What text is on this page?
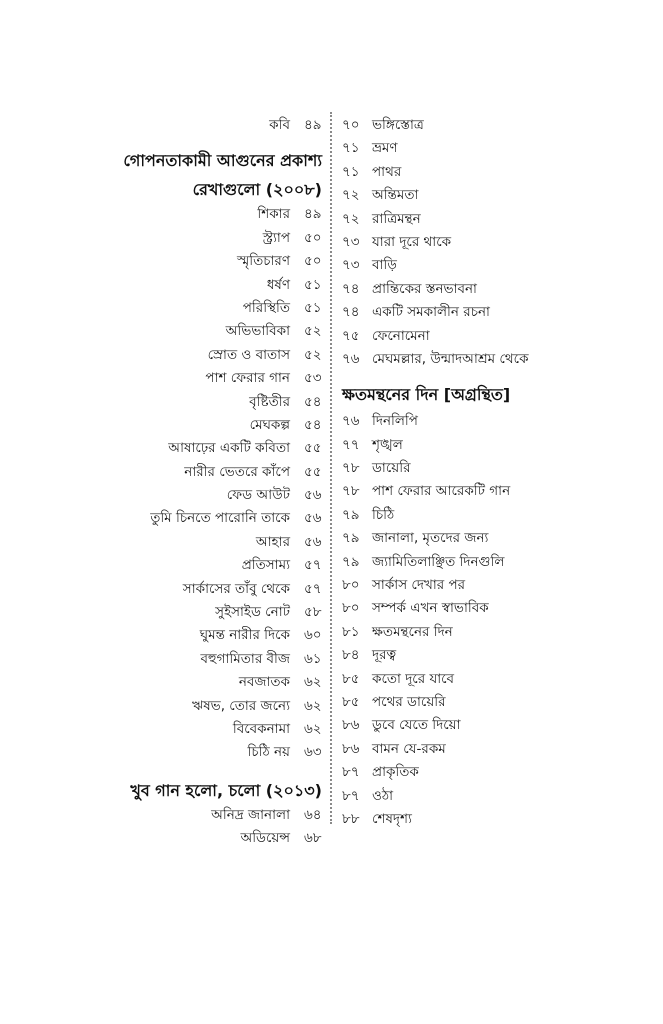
কবি ৪৯
গোপনতাকামী আগুনের প্রকাশ্য
রেখাগুলো (২০০৮)
শিকার ৪৯
স্ট্র্যাপ ৫০
স্মৃতিচারণ ৫০
ধর্ষণ ৫১
পরিস্থিতি ৫১
অভিভাবিকা ৫২
স্রোত ও বাতাস ৫২
পাশ ফেরার গান ৫৩
বৃষ্টিতীর ৫৪
মেঘকল্প ৫৪
আষাঢ়ের একটি কবিতা ৫৫
নারীর ভেতরে কাঁপে ৫৫
ফেড আউট ৫৬
তুমি চিনতে পারোনি তাকে ৫৬
আহার ৫৬
প্রতিসাম্য ৫৭
সার্কাসের তাঁবু থেকে ৫৭
সুইসাইড নোট ৫৮
ঘুমন্ত নারীর দিকে ৬০
বহুগামিতার বীজ ৬১
নবজাতক ৬২
ঋষভ, তোর জন্যে ৬২
বিবেকনামা ৬২
চিঠি নয় ৬৩
খুব গান হলো, চলো (২০১৩)
অনিদ্র জানালা ৬৪
অডিয়েন্স ৬৮
৭০ ভঙ্গিস্তোত্র
৭১ ভ্রমণ
৭১ পাথর
৭২ অন্তিমতা
৭২ রাত্রিমন্থন
৭৩ যারা দূরে থাকে
৭৩ বাড়ি
৭৪ প্রান্তিকের স্তনভাবনা
৭৪ একটি সমকালীন রচনা
৭৫ ফেনোমেনা
৭৬ মেঘমল্লার, উন্মাদআশ্রম থেকে
ক্ষতমন্থনের দিন [অগ্রন্থিত]
৭৬ দিনলিপি
৭৭ শৃঙ্খল
৭৮ ডায়েরি
৭৮ পাশ ফেরার আরেকটি গান
৭৯ চিঠি
৭৯ জানালা, মৃতদের জন্য
৭৯ জ্যামিতিলাঞ্ছিত দিনগুলি
৮০ সার্কাস দেখার পর
৮০ সম্পর্ক এখন স্বাভাবিক
৮১ ক্ষতমন্থনের দিন
৮৪ দূরত্ব
৮৫ কতো দূরে যাবে
৮৫ পথের ডায়েরি
৮৬ ডুবে যেতে দিয়ো
৮৬ বামন যে-রকম
৮৭ প্রাকৃতিক
৮৭ ওঠা
৮৮ শেষদৃশ্য
